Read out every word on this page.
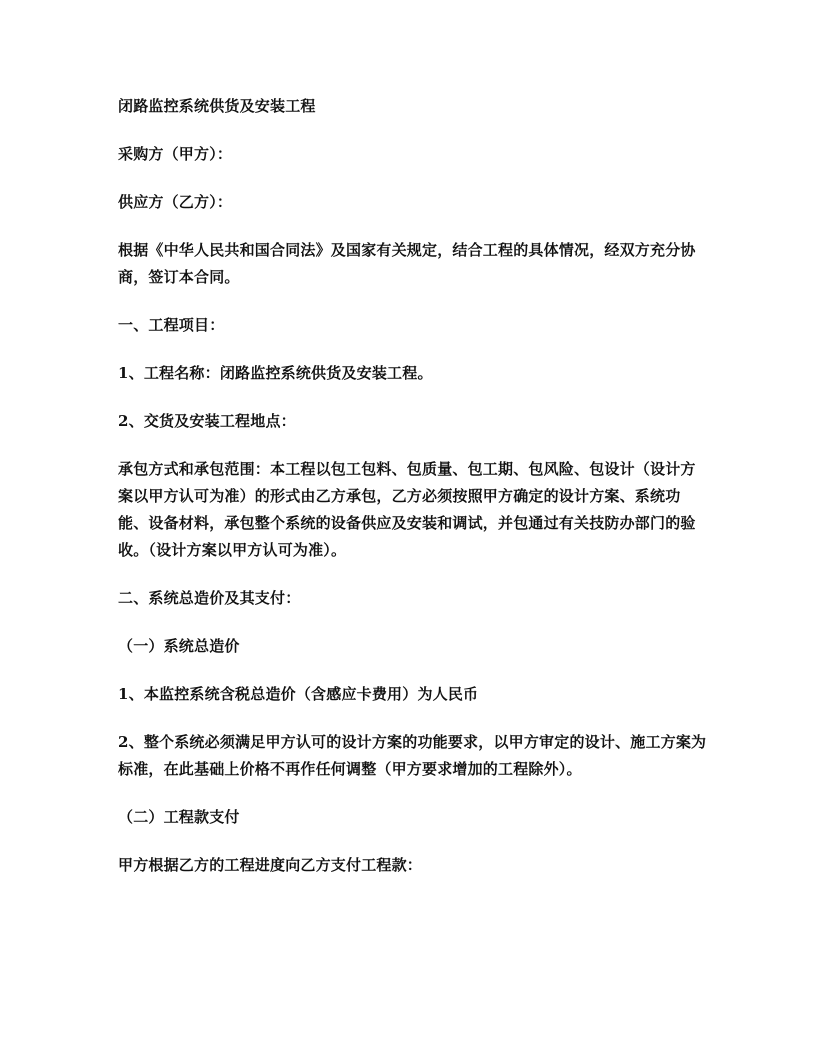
闭路监控系统供货及安装工程

采购方（甲方）：

供应方（乙方）：

根据《中华人民共和国合同法》及国家有关规定，结合工程的具体情况，经双方充分协商，签订本合同。

一、工程项目：

1、工程名称：闭路监控系统供货及安装工程。

2、交货及安装工程地点：

承包方式和承包范围：本工程以包工包料、包质量、包工期、包风险、包设计（设计方案以甲方认可为准）的形式由乙方承包，乙方必须按照甲方确定的设计方案、系统功能、设备材料，承包整个系统的设备供应及安装和调试，并包通过有关技防办部门的验收。（设计方案以甲方认可为准）。

二、系统总造价及其支付：

（一）系统总造价

1、本监控系统含税总造价（含感应卡费用）为人民币

2、整个系统必须满足甲方认可的设计方案的功能要求，以甲方审定的设计、施工方案为标准，在此基础上价格不再作任何调整（甲方要求增加的工程除外）。

（二）工程款支付

甲方根据乙方的工程进度向乙方支付工程款：
